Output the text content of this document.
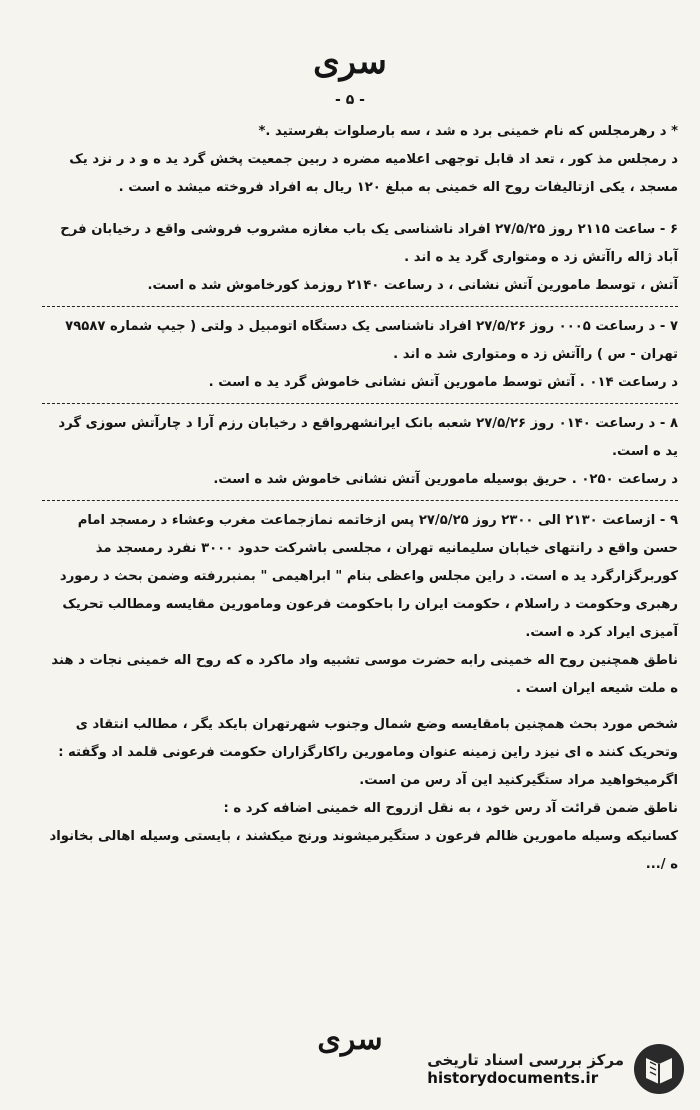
سری
- ۵ -

* د رهرمجلس که نام خمینی برد ه شد ، سه بارصلوات بفرستید .*

د رمجلس مذ کور ، تعد اد قابل توجهی اعلامیه مضره د ربین جمعیت پخش گرد ید ه و د ر نزد یک مسجد ، یکی ازتالیفات روح اله خمینی به مبلغ ۱۲۰ ریال به افراد فروخته میشد ه است .

۶ - ساعت ۲۱۱۵ روز ۲۷/۵/۲۵ افراد ناشناسی یک باب مغازه مشروب فروشی واقع د رخیابان فرح آباد ژاله راآتش زد ه ومتواری گرد ید ه اند .

آتش ، توسط مامورین آتش نشانی ، د رساعت ۲۱۴۰ روزمذ کورخاموش شد ه است.

۷ - د رساعت ۰۰۰۵ روز ۲۷/۵/۲۶ افراد ناشناسی یک دستگاه اتومبیل د ولتی ( جیپ شماره ۷۹۵۸۷ تهران - س ) راآتش زد ه ومتواری شد ه اند .

د رساعت ۰۱۴ . آتش توسط مامورین آتش نشانی خاموش گرد ید ه است .

۸ - د رساعت ۰۱۴۰ روز ۲۷/۵/۲۶ شعبه بانک ایرانشهرواقع د رخیابان رزم آرا د چارآتش سوزی گرد ید ه است.

د رساعت ۰۲۵۰ . حریق بوسیله مامورین آتش نشانی خاموش شد ه است.

۹ - ازساعت ۲۱۳۰ الی ۲۳۰۰ روز ۲۷/۵/۲۵ پس ازخاتمه نمازجماعت مغرب وعشاء د رمسجد امام حسن واقع د رانتهای خیابان سلیمانیه تهران ، مجلسی باشرکت حدود ۳۰۰۰ نفرد رمسجد مذ کوربرگزارگرد ید ه است. د راین مجلس واعظی بنام " ابراهیمی " بمنبررفته وضمن بحث د رمورد رهبری وحکومت د راسلام ، حکومت ایران را باحکومت فرعون ومامورین مقایسه ومطالب تحریک آمیزی ایراد کرد ه است.

ناطق همچنین روح اله خمینی رابه حضرت موسی تشبیه واد ماکرد ه که روح اله خمینی نجات د هند ه ملت شیعه ایران است .

شخص مورد بحث همچنین بامقایسه وضع شمال وجنوب شهرتهران بایکد یگر ، مطالب انتقاد ی وتحریک کنند ه ای نیزد راین زمینه عنوان ومامورین راکارگزاران حکومت فرعونی قلمد اد وگفته :

اگرمیخواهید مراد ستگیرکنید این آد رس من است.

ناطق ضمن قرائت آد رس خود ، به نقل ازروح اله خمینی اضافه کرد ه :

کسانیکه وسیله مامورین ظالم فرعون د ستگیرمیشوند ورنج میکشند ، بایستی وسیله اهالی بخانواد ه /...

سری
مرکز بررسی اسناد تاریخی
historydocuments.ir
